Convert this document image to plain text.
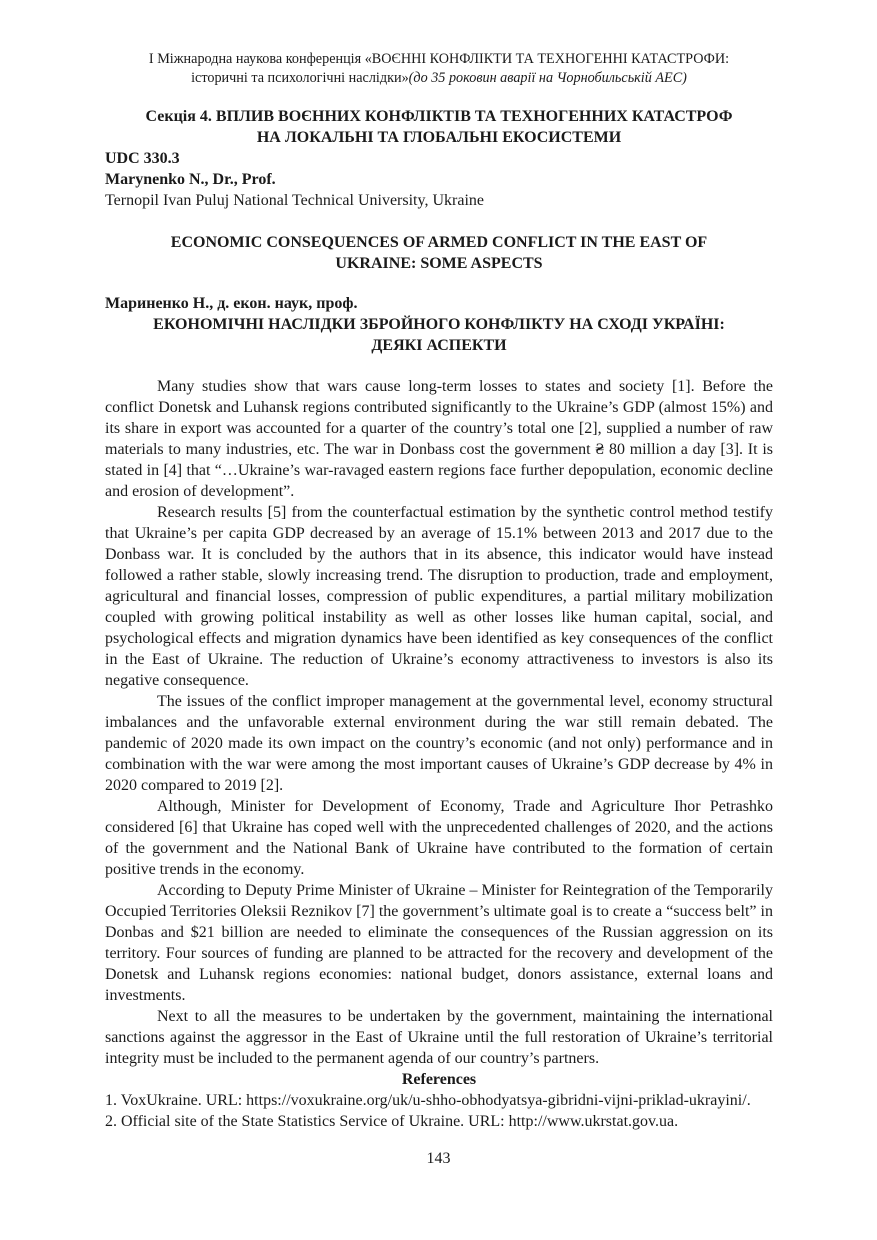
I Міжнародна наукова конференція «ВОЄННІ КОНФЛІКТИ ТА ТЕХНОГЕННІ КАТАСТРОФИ:
історичні та психологічні наслідки»(до 35 роковин аварії на Чорнобильській АЕС)
Секція 4. ВПЛИВ ВОЄННИХ КОНФЛІКТІВ ТА ТЕХНОГЕННИХ КАТАСТРОФ
НА ЛОКАЛЬНІ ТА ГЛОБАЛЬНІ ЕКОСИСТЕМИ
UDC 330.3
Marynenko N., Dr., Prof.
Ternopil Ivan Puluj National Technical University, Ukraine
ECONOMIC CONSEQUENCES OF ARMED CONFLICT IN THE EAST OF
UKRAINE: SOME ASPECTS
Мариненко Н., д. екон. наук, проф.
ЕКОНОМІЧНІ НАСЛІДКИ ЗБРОЙНОГО КОНФЛІКТУ НА СХОДІ УКРАЇНІ:
ДЕЯКІ АСПЕКТИ

Many studies show that wars cause long-term losses to states and society [1]. Before the conflict Donetsk and Luhansk regions contributed significantly to the Ukraine’s GDP (almost 15%) and its share in export was accounted for a quarter of the country’s total one [2], supplied a number of raw materials to many industries, etc. The war in Donbass cost the government ₴ 80 million a day [3]. It is stated in [4] that “…Ukraine’s war-ravaged eastern regions face further depopulation, economic decline and erosion of development”.

Research results [5] from the counterfactual estimation by the synthetic control method testify that Ukraine’s per capita GDP decreased by an average of 15.1% between 2013 and 2017 due to the Donbass war. It is concluded by the authors that in its absence, this indicator would have instead followed a rather stable, slowly increasing trend. The disruption to production, trade and employment, agricultural and financial losses, compression of public expenditures, a partial military mobilization coupled with growing political instability as well as other losses like human capital, social, and psychological effects and migration dynamics have been identified as key consequences of the conflict in the East of Ukraine. The reduction of Ukraine’s economy attractiveness to investors is also its negative consequence.

The issues of the conflict improper management at the governmental level, economy structural imbalances and the unfavorable external environment during the war still remain debated. The pandemic of 2020 made its own impact on the country’s economic (and not only) performance and in combination with the war were among the most important causes of Ukraine’s GDP decrease by 4% in 2020 compared to 2019 [2].

Although, Minister for Development of Economy, Trade and Agriculture Ihor Petrashko considered [6] that Ukraine has coped well with the unprecedented challenges of 2020, and the actions of the government and the National Bank of Ukraine have contributed to the formation of certain positive trends in the economy.

According to Deputy Prime Minister of Ukraine – Minister for Reintegration of the Temporarily Occupied Territories Oleksii Reznikov [7] the government’s ultimate goal is to create a “success belt” in Donbas and $21 billion are needed to eliminate the consequences of the Russian aggression on its territory. Four sources of funding are planned to be attracted for the recovery and development of the Donetsk and Luhansk regions economies: national budget, donors assistance, external loans and investments.

Next to all the measures to be undertaken by the government, maintaining the international sanctions against the aggressor in the East of Ukraine until the full restoration of Ukraine’s territorial integrity must be included to the permanent agenda of our country’s partners.

References
1. VoxUkraine. URL: https://voxukraine.org/uk/u-shho-obhodyatsya-gibridni-vijni-priklad-ukrayini/.
2. Official site of the State Statistics Service of Ukraine. URL: http://www.ukrstat.gov.ua.
143
